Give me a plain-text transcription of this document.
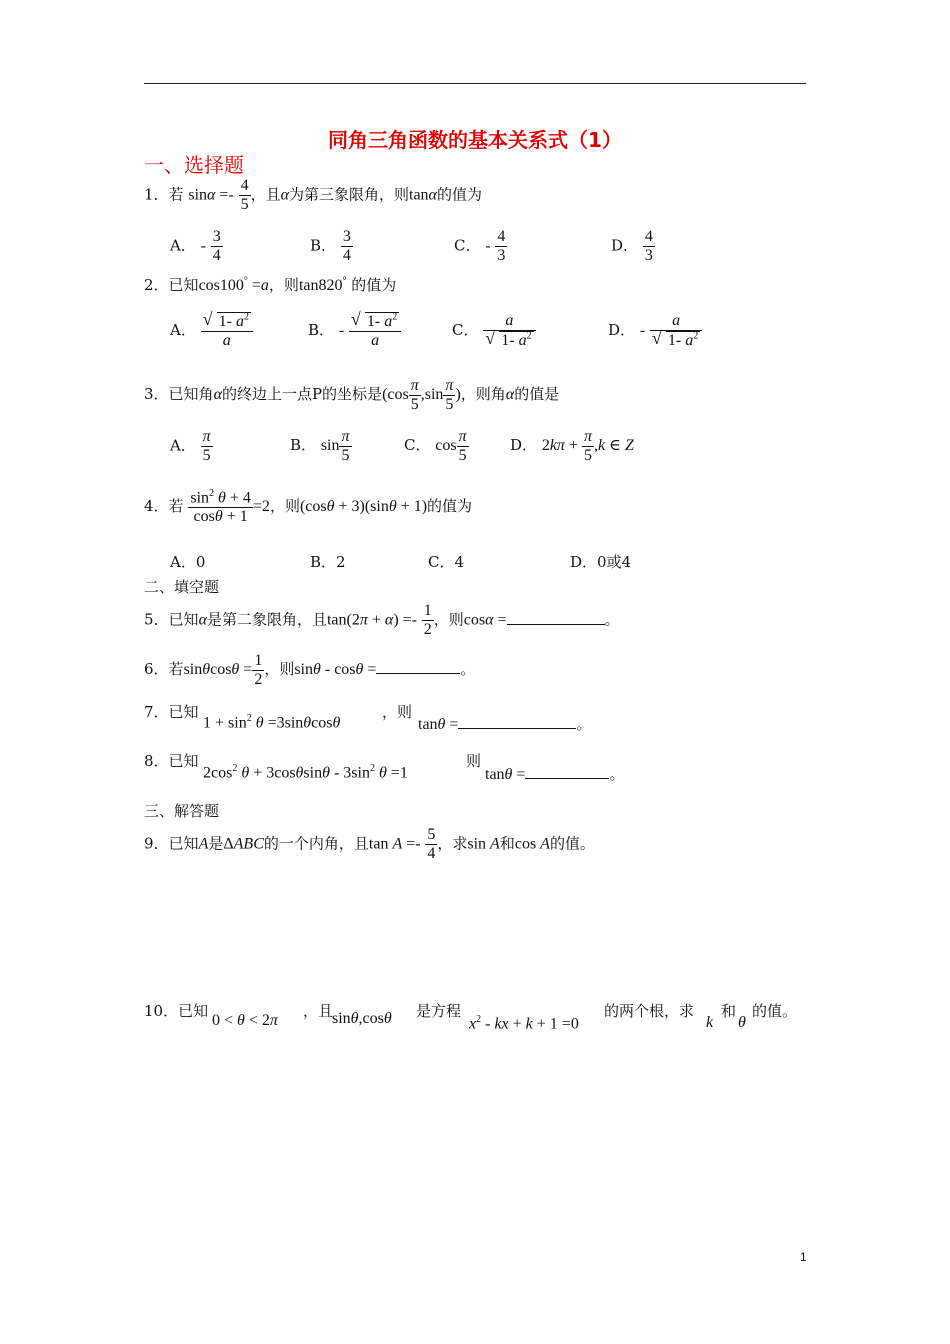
同角三角函数的基本关系式（1）
一、选择题
1．若 $\sin\alpha =- \frac{4}{5}$ ，且α为第三象限角，则tanα的值为
A． - $\frac{3}{4}$	B． $\frac{3}{4}$	C． - $\frac{4}{3}$	D． $\frac{4}{3}$
2．已知cos100° =a，则tan820° 的值为
A． $\frac{√ 1- a^2}{a}$	B． - $\frac{√ 1- a^2}{a}$	C． $\frac{a}{√ 1- a^2}$	D． - $\frac{a}{√ 1- a^2}$
3．已知角α的终边上一点P的坐标是($\cos \frac{\pi}{5} ,\sin \frac{\pi}{5}$ )，则角α的值是
A． $\frac{\pi}{5}$	B． $\sin \frac{\pi}{5}$	C． $\cos \frac{\pi}{5}$	D． $2k\pi + \frac{\pi}{5} ,k$ ∈ Z
4．若 $\frac{\sin^2 \theta + 4}{\cos\theta + 1} =2$，则(cosθ + 3)(sinθ + 1)的值为
A．0	B．2	C．4	D．0或4
二、填空题
5．已知α是第二象限角，且$\tan(2\pi + \alpha) =- \frac{1}{2}$ ，则cosα =	。
6．若$\sin\theta\cos\theta = \frac{1}{2}$ ，则sinθ - cosθ =	。
7．已知
$1 + \sin^2 \theta =3\sin\theta\cos\theta$
，则
tanθ =	。
8．已知
$2\cos^2$ $\theta + 3\cos\theta\sin\theta - 3\sin^2$ θ =1
则
tanθ =	。
三、解答题
9．已知A是ΔABC的一个内角，且$\tan A =- \frac{5}{4}$ ，求sin A和cos A的值。
10．已知
0 < θ < 2π
，且
sinθ,cosθ 是方程
$x^2$ - kx + k + 1 =0
的两个根，求
k
和
θ
的值。
1
